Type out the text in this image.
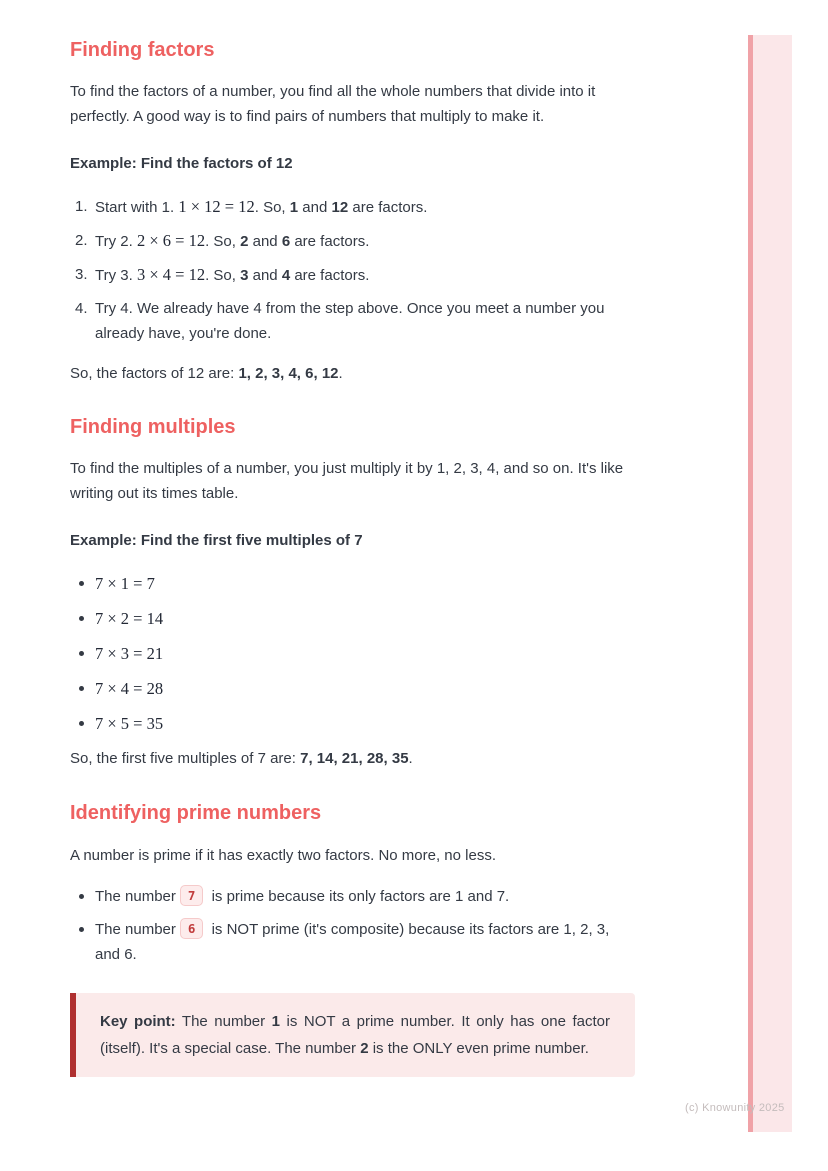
Finding factors

To find the factors of a number, you find all the whole numbers that divide into it perfectly. A good way is to find pairs of numbers that multiply to make it.

Example: Find the factors of 12

1. Start with 1. 1 × 12 = 12. So, 1 and 12 are factors.
2. Try 2. 2 × 6 = 12. So, 2 and 6 are factors.
3. Try 3. 3 × 4 = 12. So, 3 and 4 are factors.
4. Try 4. We already have 4 from the step above. Once you meet a number you already have, you're done.

So, the factors of 12 are: 1, 2, 3, 4, 6, 12.

Finding multiples

To find the multiples of a number, you just multiply it by 1, 2, 3, 4, and so on. It's like writing out its times table.

Example: Find the first five multiples of 7

7 × 1 = 7
7 × 2 = 14
7 × 3 = 21
7 × 4 = 28
7 × 5 = 35

So, the first five multiples of 7 are: 7, 14, 21, 28, 35.

Identifying prime numbers

A number is prime if it has exactly two factors. No more, no less.

The number 7 is prime because its only factors are 1 and 7.
The number 6 is NOT prime (it's composite) because its factors are 1, 2, 3, and 6.

Key point: The number 1 is NOT a prime number. It only has one factor (itself). It's a special case. The number 2 is the ONLY even prime number.

(c) Knowunity 2025
